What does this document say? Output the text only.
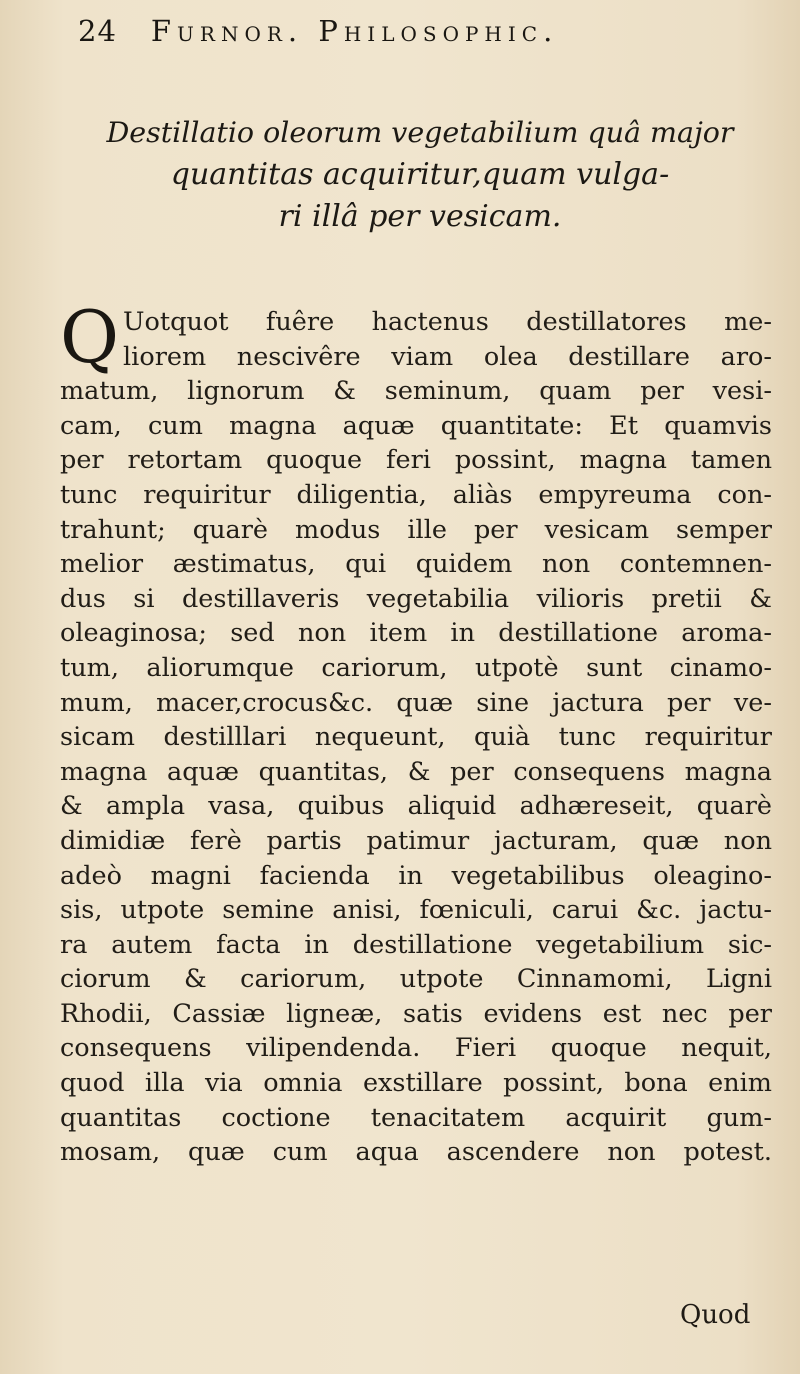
24 Furnor. Philosophic.
Destillatio oleorum vegetabilium quâ major
quantitas acquiritur,quam vulga-
ri illâ per vesicam.
Q Uotquot fuêre hactenus destillatores me-
liorem nescivêre viam olea destillare aro-
matum, lignorum & seminum, quam per vesi-
cam, cum magna aquæ quantitate: Et quamvis
per retortam quoque feri possint, magna tamen
tunc requiritur diligentia, aliàs empyreuma con-
trahunt; quarè modus ille per vesicam semper
melior æstimatus, qui quidem non contemnen-
dus si destillaveris vegetabilia vilioris pretii &
oleaginosa; sed non item in destillatione aroma-
tum, aliorumque cariorum, utpotè sunt cinamo-
mum, macer,crocus&c. quæ sine jactura per ve-
sicam destilllari nequeunt, quià tunc requiritur
magna aquæ quantitas, & per consequens magna
& ampla vasa, quibus aliquid adhæreseit, quarè
dimidiæ ferè partis patimur jacturam, quæ non
adeò magni facienda in vegetabilibus oleagino-
sis, utpote semine anisi, fœniculi, carui &c. jactu-
ra autem facta in destillatione vegetabilium sic-
ciorum & cariorum, utpote Cinnamomi, Ligni
Rhodii, Cassiæ ligneæ, satis evidens est nec per
consequens vilipendenda. Fieri quoque nequit,
quod illa via omnia exstillare possint, bona enim
quantitas coctione tenacitatem acquirit gum-
mosam, quæ cum aqua ascendere non potest.
Quod
